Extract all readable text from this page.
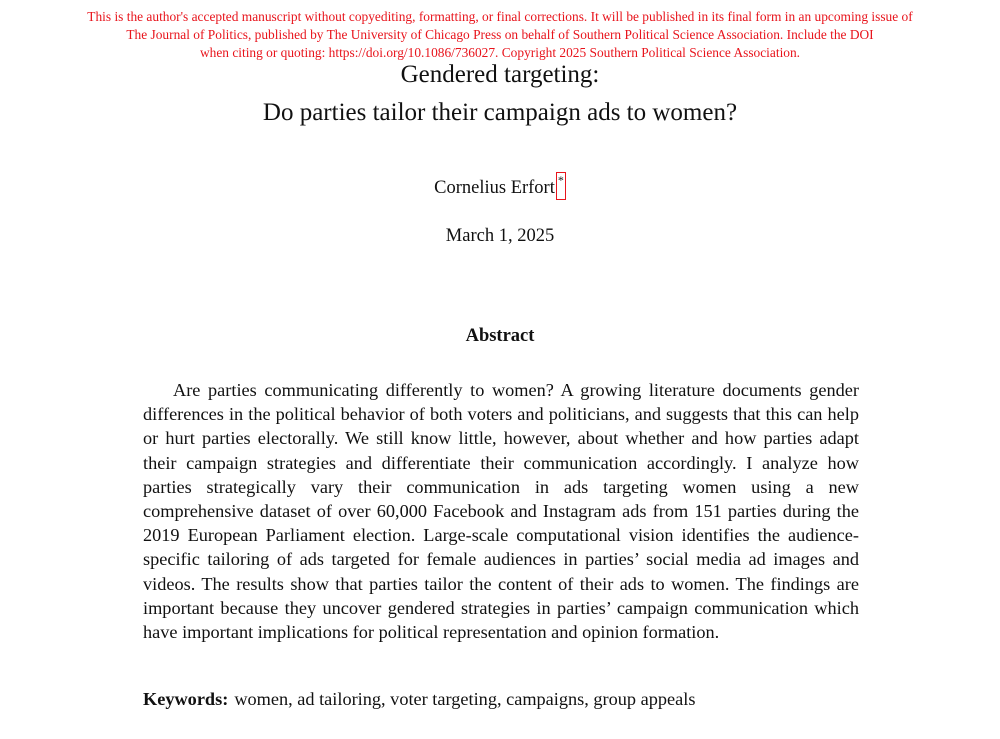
This is the author's accepted manuscript without copyediting, formatting, or final corrections. It will be published in its final form in an upcoming issue of
The Journal of Politics, published by The University of Chicago Press on behalf of Southern Political Science Association. Include the DOI
when citing or quoting: https://doi.org/10.1086/736027. Copyright 2025 Southern Political Science Association.
Gendered targeting:
Do parties tailor their campaign ads to women?
Cornelius Erfort *
March 1, 2025
Abstract

Are parties communicating differently to women? A growing literature documents gender differences in the political behavior of both voters and politicians, and suggests that this can help or hurt parties electorally. We still know little, however, about whether and how parties adapt their campaign strategies and differentiate their communication accordingly. I analyze how parties strategically vary their communication in ads targeting women using a new comprehensive dataset of over 60,000 Facebook and Instagram ads from 151 parties during the 2019 European Parliament election. Large-scale computational vision identifies the audience-specific tailoring of ads targeted for female audiences in parties’ social media ad images and videos. The results show that parties tailor the content of their ads to women. The findings are important because they uncover gendered strategies in parties’ campaign communication which have important implications for political representation and opinion formation.

Keywords: women, ad tailoring, voter targeting, campaigns, group appeals
